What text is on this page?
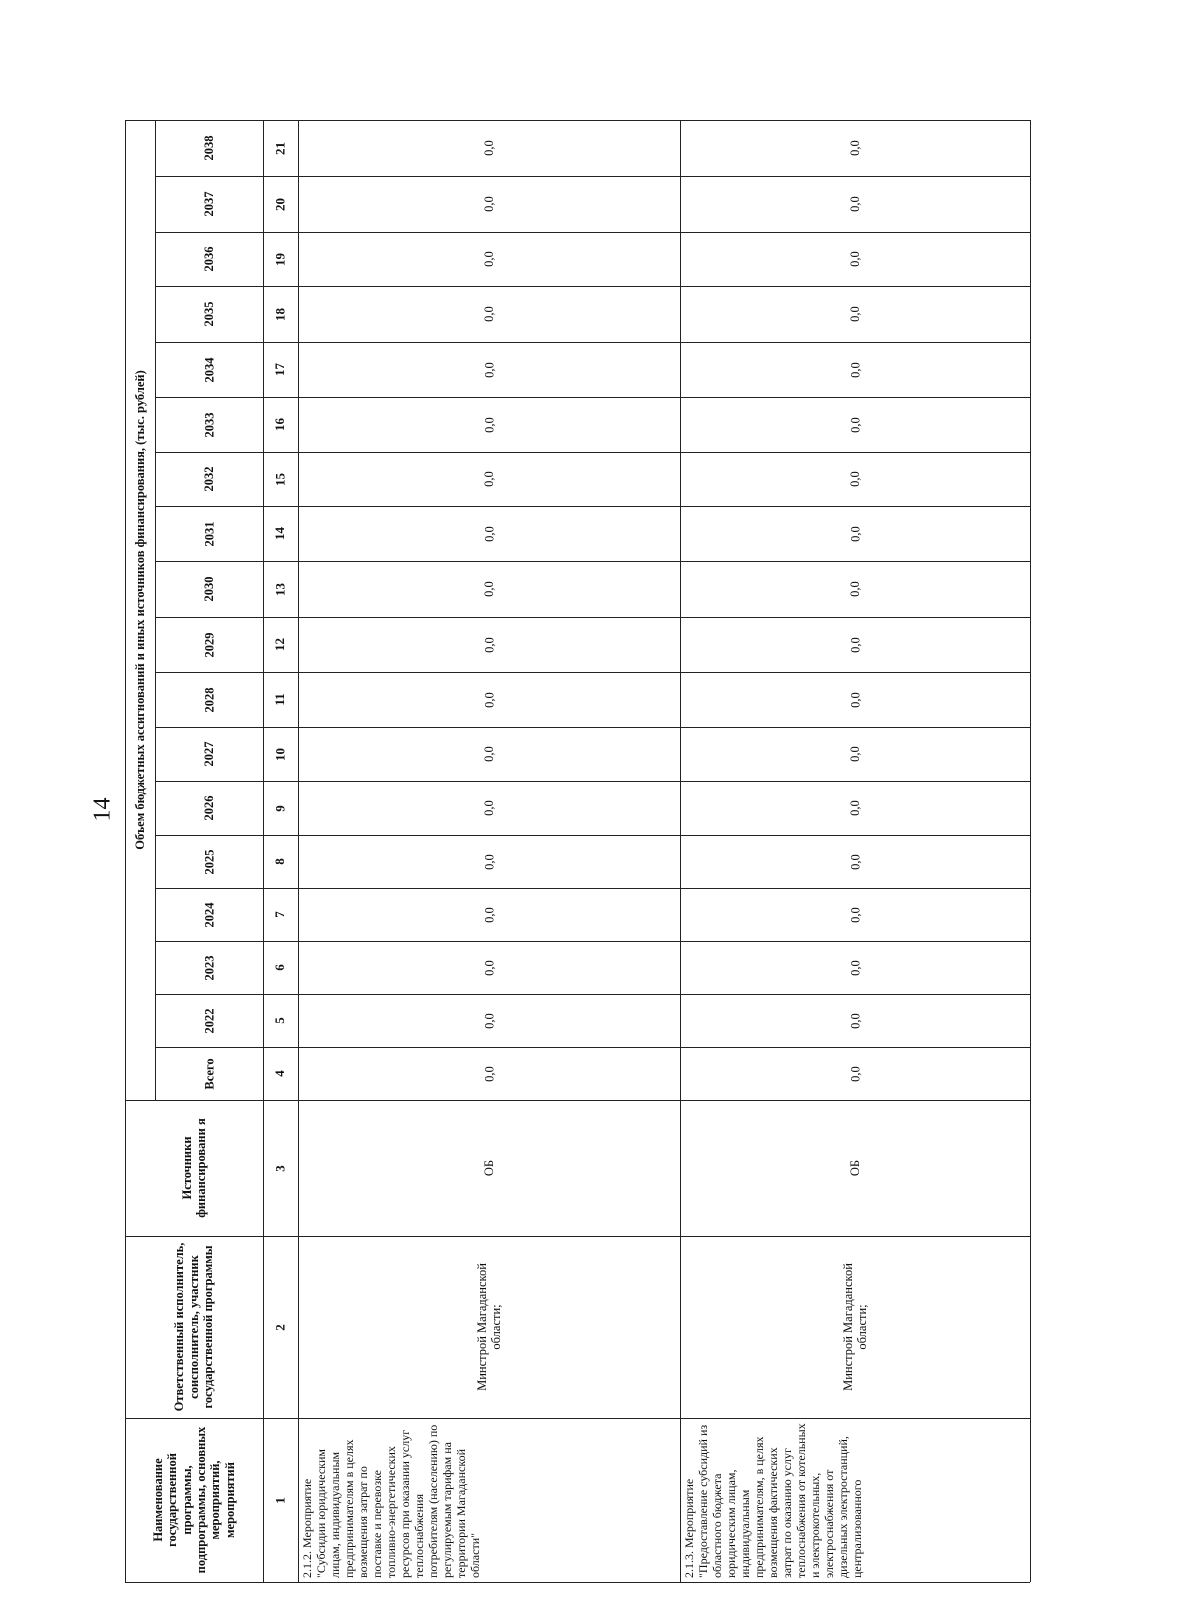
14
Наименование государственной программы, подпрограммы, основных мероприятий, мероприятий
Ответственный исполнитель, соисполнитель, участник государственной программы
Источники финансировани я
Объем бюджетных ассигнований и иных источников финансирования, (тыс. рублей)
Всего
2022
2023
2024
2025
2026
2027
2028
2029
2030
2031
2032
2033
2034
2035
2036
2037
2038
1
2
3
4
5
6
7
8
9
10
11
12
13
14
15
16
17
18
19
20
21
2.1.2. Мероприятие "Субсидии юридическим лицам, индивидуальным предпринимателям в целях возмещения затрат по поставке и перевозке топливно-энергетических ресурсов при оказании услуг теплоснабжения потребителям (населению) по регулируемым тарифам на территории Магаданской области"
Минстрой Магаданской области;
ОБ
0,0
0,0
0,0
0,0
0,0
0,0
0,0
0,0
0,0
0,0
0,0
0,0
0,0
0,0
0,0
0,0
0,0
0,0
2.1.3. Мероприятие "Предоставление субсидий из областного бюджета юридическим лицам, индивидуальным предпринимателям, в целях возмещения фактических затрат по оказанию услуг теплоснабжения от котельных и электрокотельных, электроснабжения от дизельных электростанций, централизованного
Минстрой Магаданской области;
ОБ
0,0
0,0
0,0
0,0
0,0
0,0
0,0
0,0
0,0
0,0
0,0
0,0
0,0
0,0
0,0
0,0
0,0
0,0
